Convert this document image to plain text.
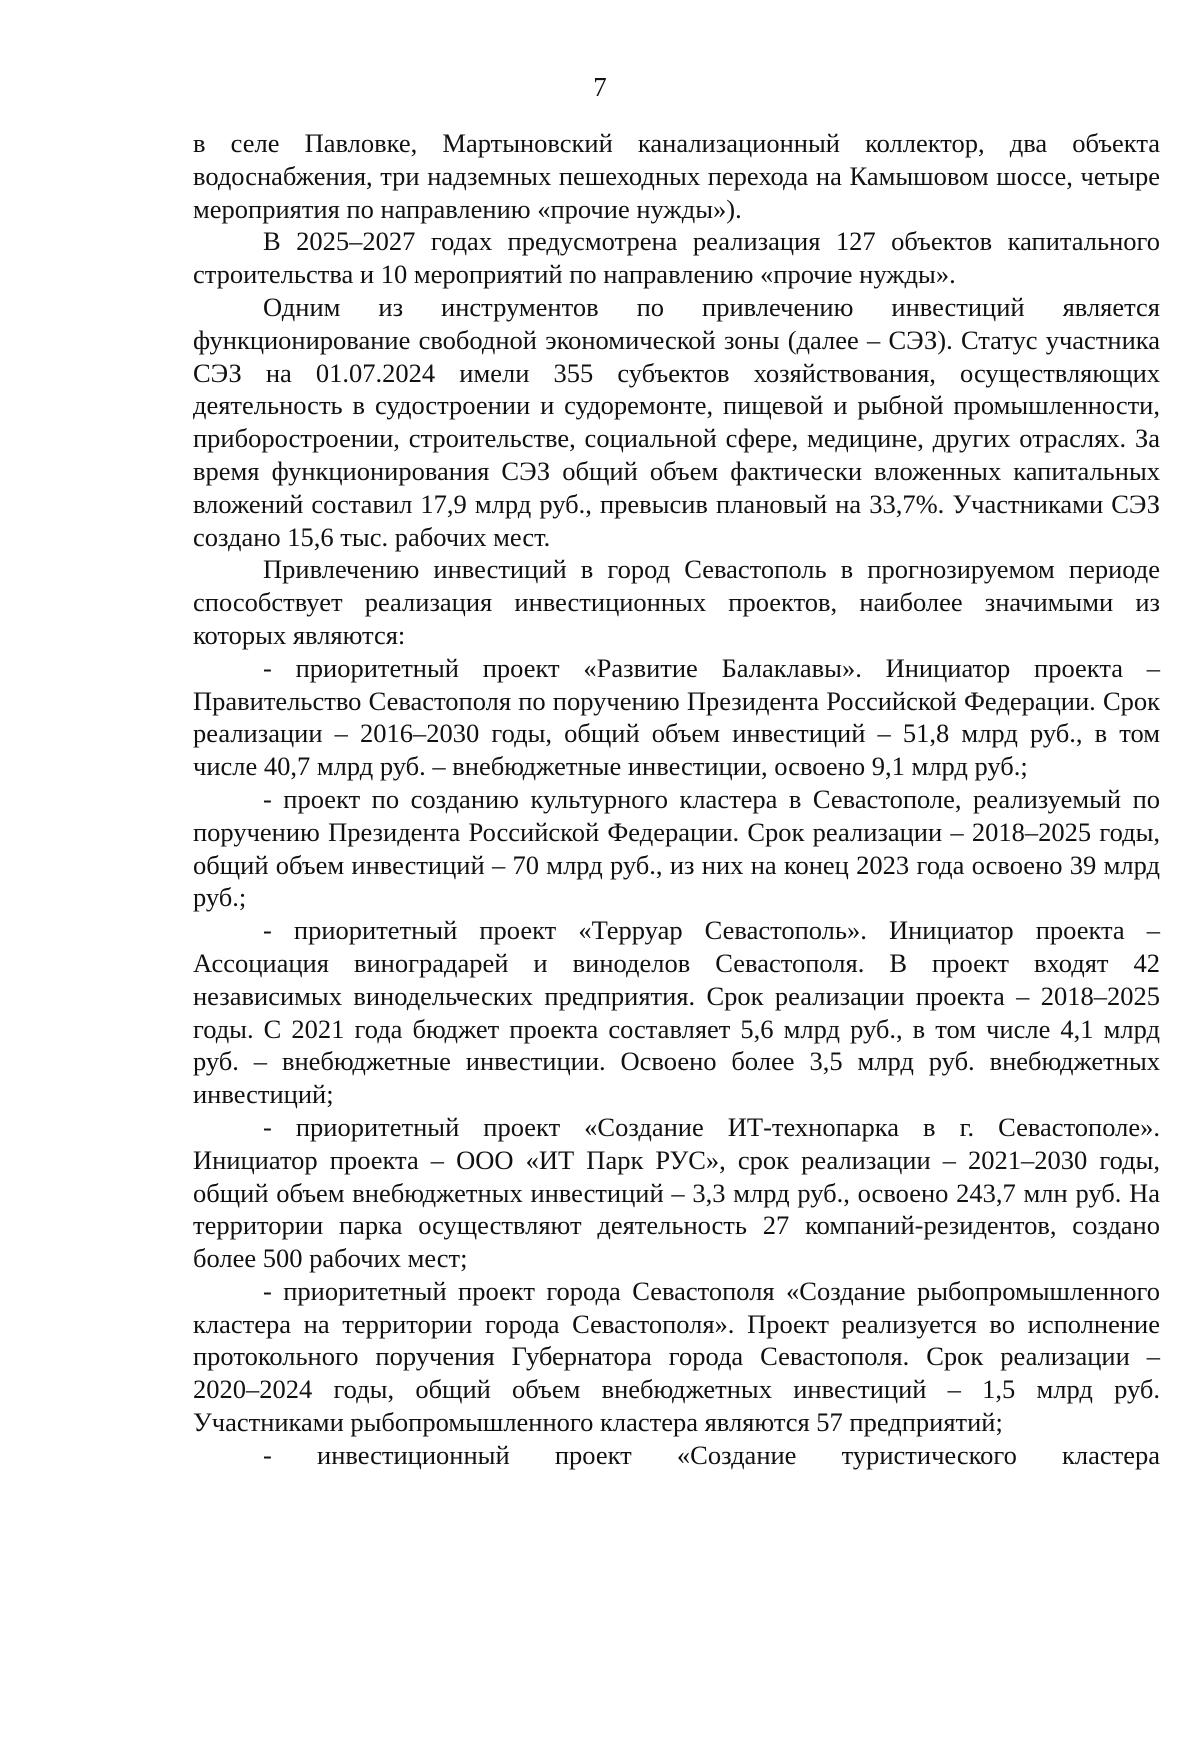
7

в селе Павловке, Мартыновский канализационный коллектор, два объекта водоснабжения, три надземных пешеходных перехода на Камышовом шоссе, четыре мероприятия по направлению «прочие нужды»).

В 2025–2027 годах предусмотрена реализация 127 объектов капитального строительства и 10 мероприятий по направлению «прочие нужды».

Одним из инструментов по привлечению инвестиций является функционирование свободной экономической зоны (далее – СЭЗ). Статус участника СЭЗ на 01.07.2024 имели 355 субъектов хозяйствования, осуществляющих деятельность в судостроении и судоремонте, пищевой и рыбной промышленности, приборостроении, строительстве, социальной сфере, медицине, других отраслях. За время функционирования СЭЗ общий объем фактически вложенных капитальных вложений составил 17,9 млрд руб., превысив плановый на 33,7%. Участниками СЭЗ создано 15,6 тыс. рабочих мест.

Привлечению инвестиций в город Севастополь в прогнозируемом периоде способствует реализация инвестиционных проектов, наиболее значимыми из которых являются:

- приоритетный проект «Развитие Балаклавы». Инициатор проекта – Правительство Севастополя по поручению Президента Российской Федерации. Срок реализации – 2016–2030 годы, общий объем инвестиций – 51,8 млрд руб., в том числе 40,7 млрд руб. – внебюджетные инвестиции, освоено 9,1 млрд руб.;

- проект по созданию культурного кластера в Севастополе, реализуемый по поручению Президента Российской Федерации. Срок реализации – 2018–2025 годы, общий объем инвестиций – 70 млрд руб., из них на конец 2023 года освоено 39 млрд руб.;

- приоритетный проект «Терруар Севастополь». Инициатор проекта – Ассоциация виноградарей и виноделов Севастополя. В проект входят 42 независимых винодельческих предприятия. Срок реализации проекта – 2018–2025 годы. С 2021 года бюджет проекта составляет 5,6 млрд руб., в том числе 4,1 млрд руб. – внебюджетные инвестиции. Освоено более 3,5 млрд руб. внебюджетных инвестиций;

- приоритетный проект «Создание ИТ-технопарка в г. Севастополе». Инициатор проекта – ООО «ИТ Парк РУС», срок реализации – 2021–2030 годы, общий объем внебюджетных инвестиций – 3,3 млрд руб., освоено 243,7 млн руб. На территории парка осуществляют деятельность 27 компаний-резидентов, создано более 500 рабочих мест;

- приоритетный проект города Севастополя «Создание рыбопромышленного кластера на территории города Севастополя». Проект реализуется во исполнение протокольного поручения Губернатора города Севастополя. Срок реализации – 2020–2024 годы, общий объем внебюджетных инвестиций – 1,5 млрд руб. Участниками рыбопромышленного кластера являются 57 предприятий;

- инвестиционный проект «Создание туристического кластера
